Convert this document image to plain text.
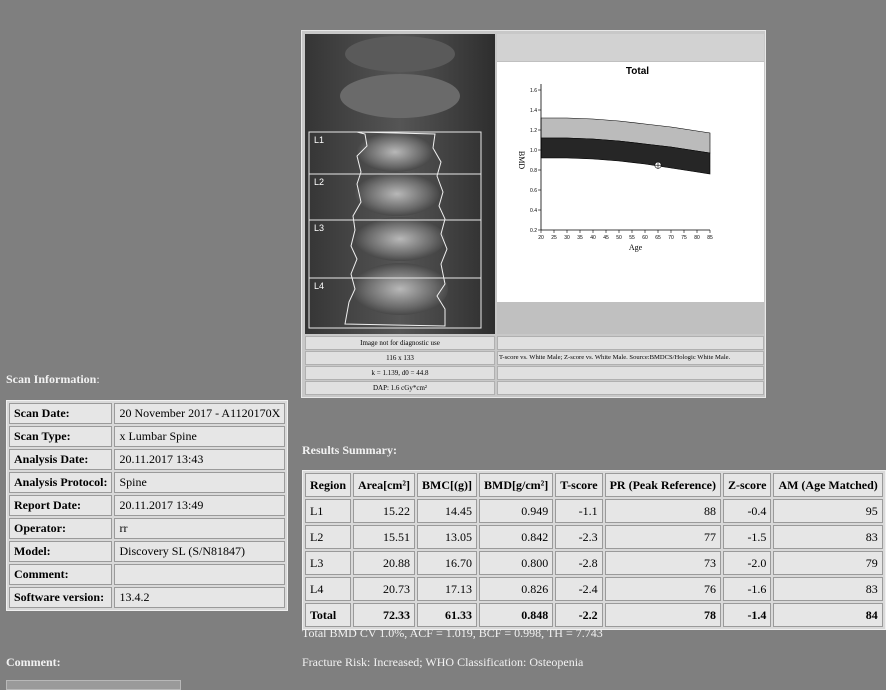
L1
L2
L3
L4
Total
0.2
0.4
0.6
0.8
1.0
1.2
1.4
1.6
20 25 30 35 40 45 50 55 60 65 70 75 80 85
Age
BMD
Image not for diagnostic use
116 x 133
k = 1.139, d0 = 44.8
DAP: 1.6 cGy*cm²
T-score vs. White Male; Z-score vs. White Male. Source:BMDCS/Hologic White Male.
Scan Information:
Scan Date:	20 November 2017 - A1120170X
Scan Type:	x Lumbar Spine
Analysis Date:	20.11.2017 13:43
Analysis Protocol:	Spine
Report Date:	20.11.2017 13:49
Operator:	rr
Model:	Discovery SL (S/N81847)
Comment:	
Software version:	13.4.2
Results Summary:
Region	Area[cm²]	BMC[(g)]	BMD[g/cm²]	T-score	PR (Peak Reference)	Z-score	AM (Age Matched)
L1	15.22	14.45	0.949	-1.1	88	-0.4	95
L2	15.51	13.05	0.842	-2.3	77	-1.5	83
L3	20.88	16.70	0.800	-2.8	73	-2.0	79
L4	20.73	17.13	0.826	-2.4	76	-1.6	83
Total	72.33	61.33	0.848	-2.2	78	-1.4	84
Total BMD CV 1.0%, ACF = 1.019, BCF = 0.998, TH = 7.743
Fracture Risk: Increased; WHO Classification: Osteopenia
Comment:
